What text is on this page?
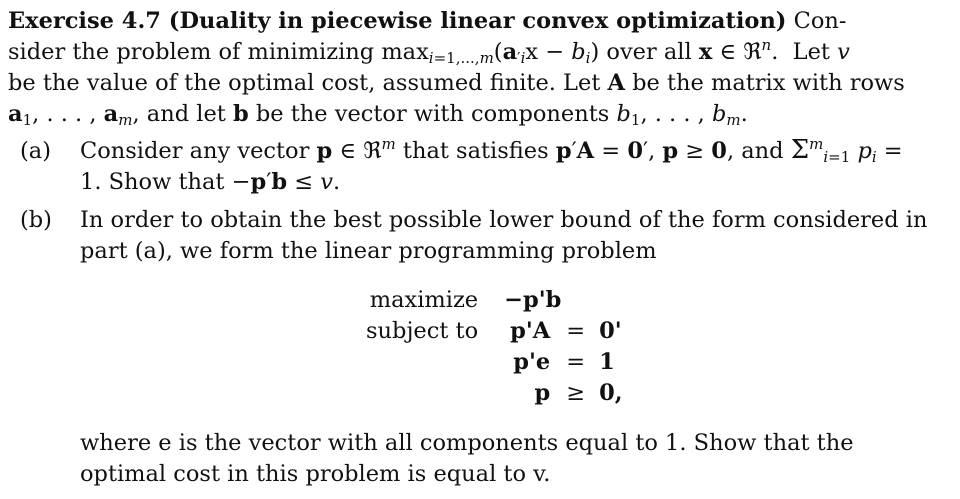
Exercise 4.7 (Duality in piecewise linear convex optimization) Con-
sider the problem of minimizing $\max_{i=1,...,m}(a_{'i}x - b_i)$ over all x ∈ ℜ$^n$.  Let v
be the value of the optimal cost, assumed finite. Let A be the matrix with rows
$a_1$, . . . , $a_m$, and let b be the vector with components $b_1$, . . . , $b_m$.
(a) Consider any vector p ∈ ℜ$^m$ that satisfies p′A = 0′, p ≥ 0, and $\Sigma^m_{i=1}$ $p_i$ =
1. Show that −p′b ≤ v.
(b) In order to obtain the best possible lower bound of the form considered in part (a), we form the linear programming problem
maximize	−p'b		
subject to	p'A	=	0'
	p'e	=	1
	p	≥	0,
where e is the vector with all components equal to 1. Show that the optimal cost in this problem is equal to v.
